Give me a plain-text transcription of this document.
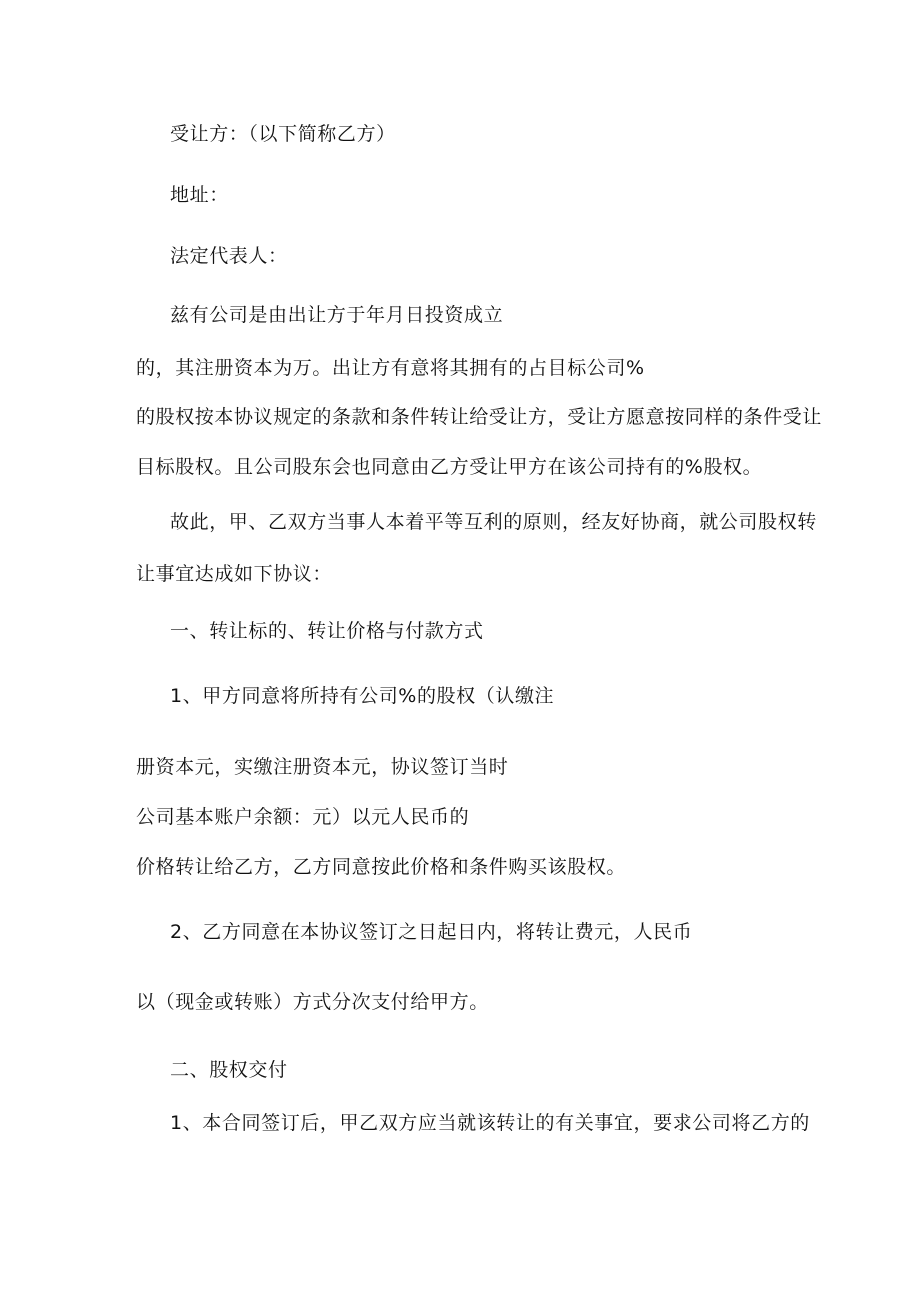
受让方：（以下简称乙方）
地址：
法定代表人：
兹有公司是由出让方于年月日投资成立
的，其注册资本为万。出让方有意将其拥有的占目标公司%
的股权按本协议规定的条款和条件转让给受让方，受让方愿意按同样的条件受让
目标股权。且公司股东会也同意由乙方受让甲方在该公司持有的%股权。
故此，甲、乙双方当事人本着平等互利的原则，经友好协商，就公司股权转
让事宜达成如下协议：
一、转让标的、转让价格与付款方式
1、甲方同意将所持有公司%的股权（认缴注
册资本元，实缴注册资本元，协议签订当时
公司基本账户余额：元）以元人民币的
价格转让给乙方，乙方同意按此价格和条件购买该股权。
2、乙方同意在本协议签订之日起日内，将转让费元，人民币
以（现金或转账）方式分次支付给甲方。
二、股权交付
1、本合同签订后，甲乙双方应当就该转让的有关事宜，要求公司将乙方的
